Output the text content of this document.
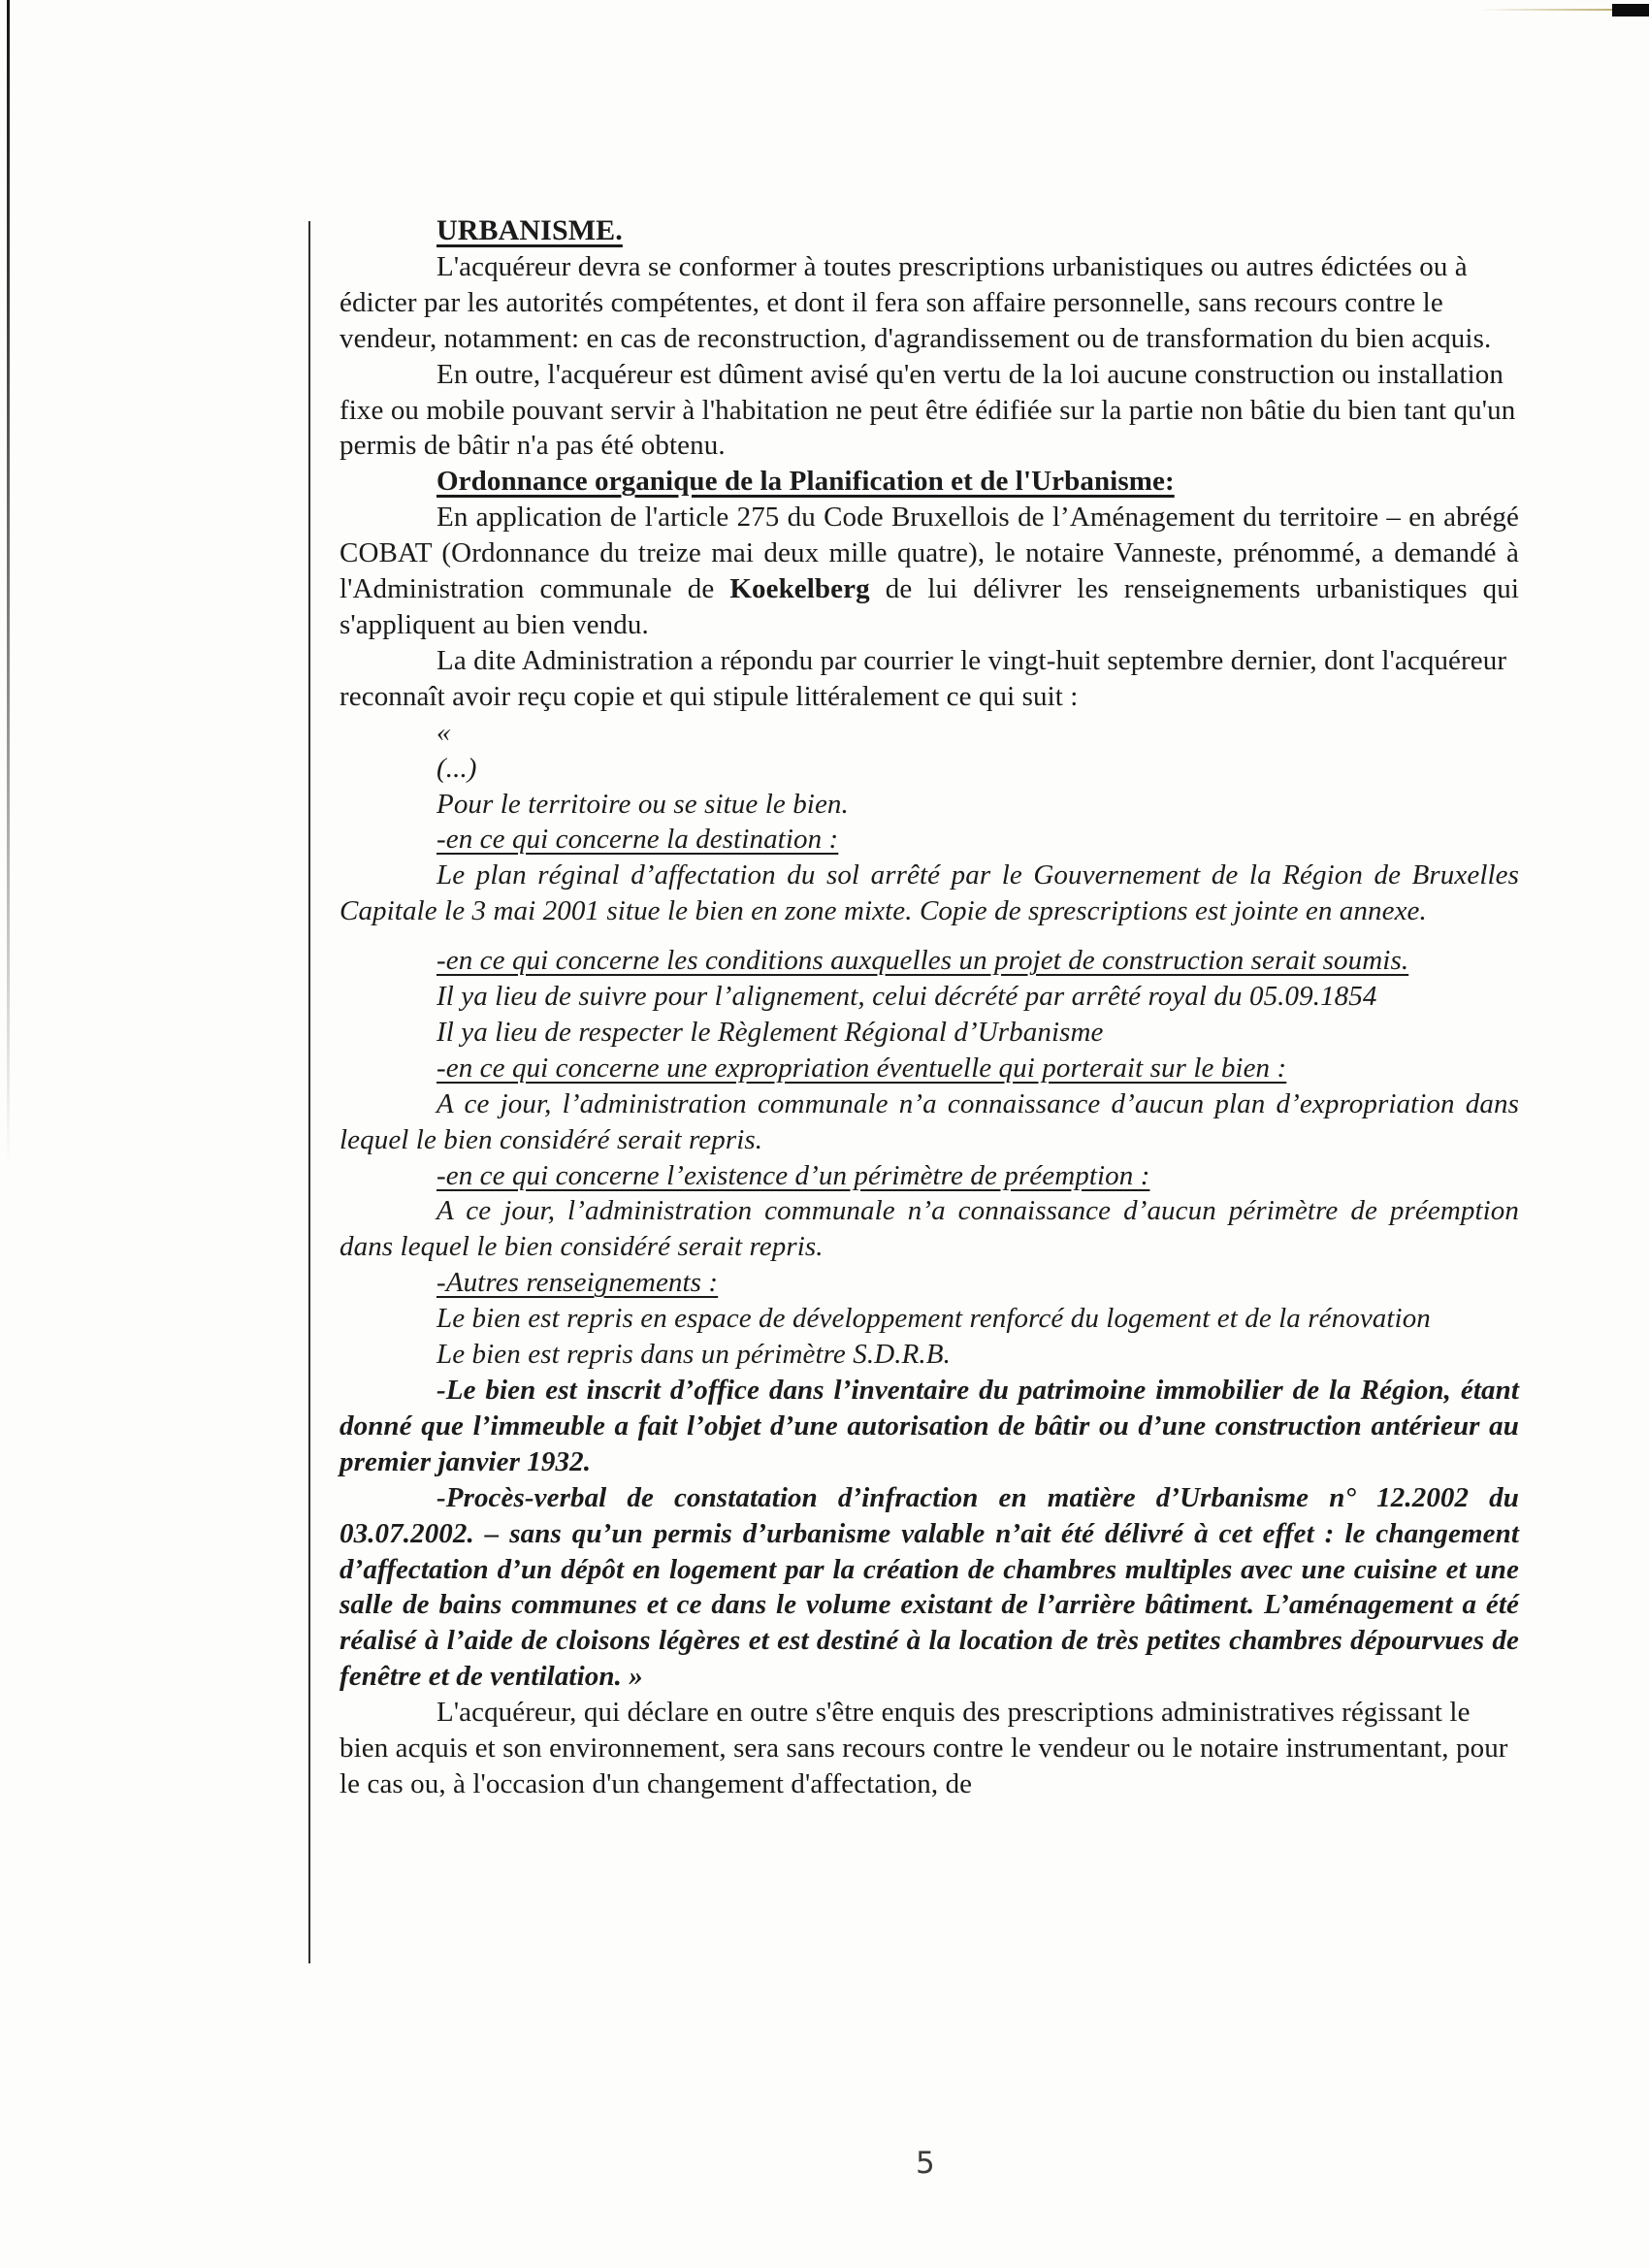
URBANISME.

L'acquéreur devra se conformer à toutes prescriptions urbanistiques ou autres édictées ou à édicter par les autorités compétentes, et dont il fera son affaire personnelle, sans recours contre le vendeur, notamment: en cas de reconstruction, d'agrandissement ou de transformation du bien acquis.

En outre, l'acquéreur est dûment avisé qu'en vertu de la loi aucune construction ou installation fixe ou mobile pouvant servir à l'habitation ne peut être édifiée sur la partie non bâtie du bien tant qu'un permis de bâtir n'a pas été obtenu.

Ordonnance organique de la Planification et de l'Urbanisme:

En application de l'article 275 du Code Bruxellois de l’Aménagement du territoire – en abrégé COBAT (Ordonnance du treize mai deux mille quatre), le notaire Vanneste, prénommé, a demandé à l'Administration communale de Koekelberg de lui délivrer les renseignements urbanistiques qui s'appliquent au bien vendu.

La dite Administration a répondu par courrier le vingt-huit septembre dernier, dont l'acquéreur reconnaît avoir reçu copie et qui stipule littéralement ce qui suit :

«

(...)

Pour le territoire ou se situe le bien.

-en ce qui concerne la destination :

Le plan réginal d’affectation du sol arrêté par le Gouvernement de la Région de Bruxelles Capitale le 3 mai 2001 situe le bien en zone mixte. Copie de sprescriptions est jointe en annexe.

-en ce qui concerne les conditions auxquelles un projet de construction serait soumis.

Il ya lieu de suivre pour l’alignement, celui décrété par arrêté royal du 05.09.1854

Il ya lieu de respecter le Règlement Régional d’Urbanisme

-en ce qui concerne une expropriation éventuelle qui porterait sur le bien :

A ce jour, l’administration communale n’a connaissance d’aucun plan d’expropriation dans lequel le bien considéré serait repris.

-en ce qui concerne l’existence d’un périmètre de préemption :

A ce jour, l’administration communale n’a connaissance d’aucun périmètre de préemption dans lequel le bien considéré serait repris.

-Autres renseignements :

Le bien est repris en espace de développement renforcé du logement et de la rénovation

Le bien est repris dans un périmètre S.D.R.B.

-Le bien est inscrit d’office dans l’inventaire du patrimoine immobilier de la Région, étant donné que l’immeuble a fait l’objet d’une autorisation de bâtir ou d’une construction antérieur au premier janvier 1932.

-Procès-verbal de constatation d’infraction en matière d’Urbanisme n° 12.2002 du 03.07.2002. – sans qu’un permis d’urbanisme valable n’ait été délivré à cet effet : le changement d’affectation d’un dépôt en logement par la création de chambres multiples avec une cuisine et une salle de bains communes et ce dans le volume existant de l’arrière bâtiment. L’aménagement a été réalisé à l’aide de cloisons légères et est destiné à la location de très petites chambres dépourvues de fenêtre et de ventilation. »

L'acquéreur, qui déclare en outre s'être enquis des prescriptions administratives régissant le bien acquis et son environnement, sera sans recours contre le vendeur ou le notaire instrumentant, pour le cas ou, à l'occasion d'un changement d'affectation, de

5
